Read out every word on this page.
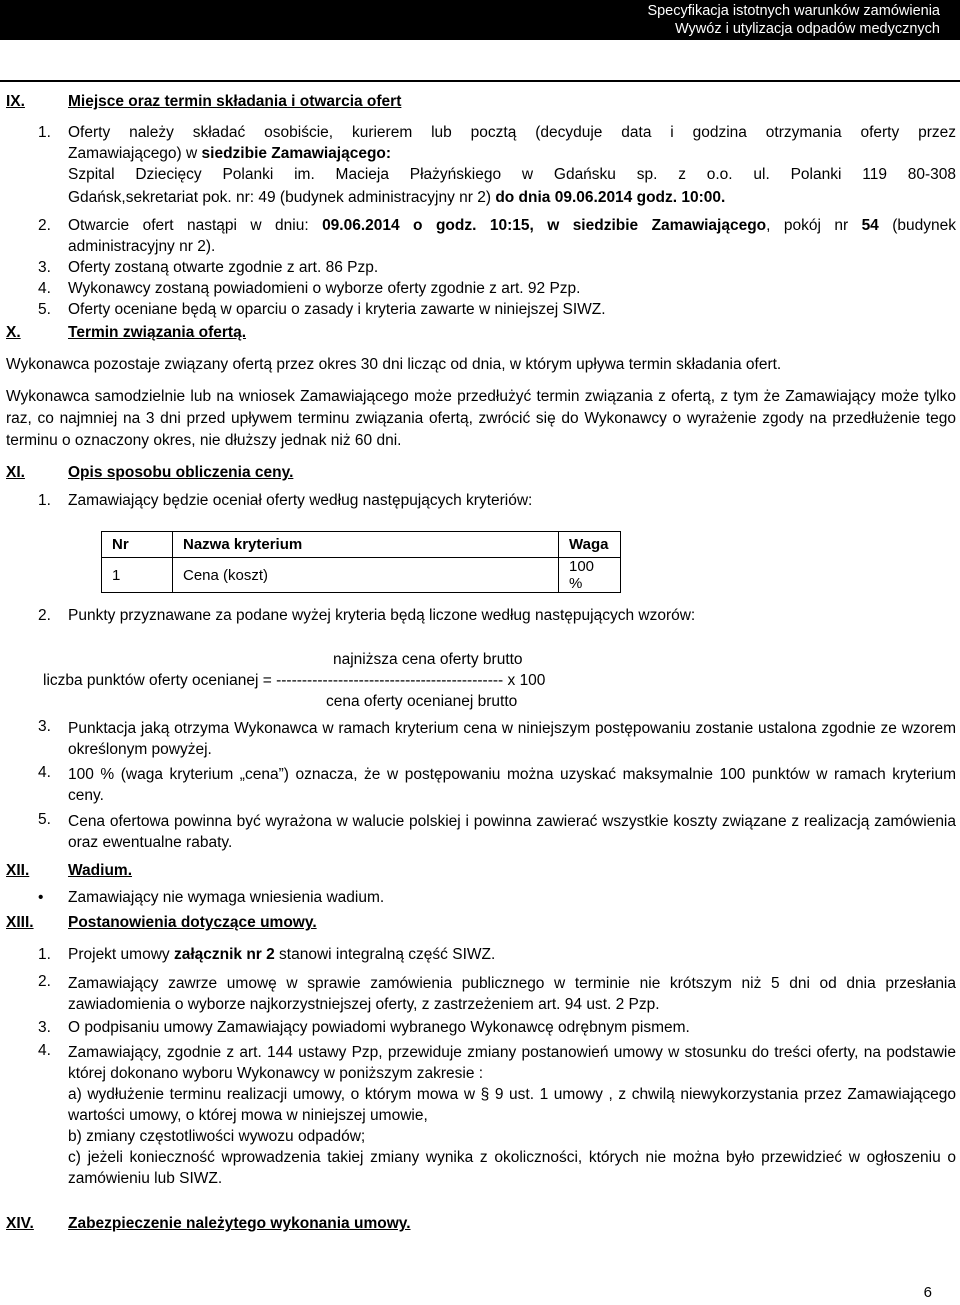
Specyfikacja istotnych warunków zamówienia
Wywóz i utylizacja odpadów medycznych
IX.	Miejsce oraz termin składania i otwarcia ofert
1. Oferty należy składać osobiście, kurierem lub pocztą (decyduje data i godzina otrzymania oferty przez
Zamawiającego) w siedzibie Zamawiającego:
Szpital Dziecięcy Polanki im. Macieja Płażyńskiego w Gdańsku sp. z o.o. ul. Polanki 119 80-308
Gdańsk,sekretariat pok. nr: 49 (budynek administracyjny nr 2) do dnia 09.06.2014 godz. 10:00.
2. Otwarcie ofert nastąpi w dniu: 09.06.2014 o godz. 10:15, w siedzibie Zamawiającego, pokój nr 54 (budynek
administracyjny nr 2).
3. Oferty zostaną otwarte zgodnie z art. 86 Pzp.
4. Wykonawcy zostaną powiadomieni o wyborze oferty zgodnie z art. 92 Pzp.
5. Oferty oceniane będą w oparciu o zasady i kryteria zawarte w niniejszej SIWZ.
X.	Termin związania ofertą.
Wykonawca pozostaje związany ofertą przez okres 30 dni licząc od dnia, w którym upływa termin składania ofert.
Wykonawca samodzielnie lub na wniosek Zamawiającego może przedłużyć termin związania z ofertą, z tym że Zamawiający może tylko raz, co najmniej na 3 dni przed upływem terminu związania ofertą, zwrócić się do Wykonawcy o wyrażenie zgody na przedłużenie tego terminu o oznaczony okres, nie dłuższy jednak niż 60 dni.
XI.	Opis sposobu obliczenia ceny.
1. Zamawiający będzie oceniał oferty według następujących kryteriów:
Nr	Nazwa kryterium	Waga
1	Cena (koszt)	100 %
2. Punkty przyznawane za podane wyżej kryteria będą liczone według następujących wzorów:
najniższa cena oferty brutto
liczba punktów oferty ocenianej = -------------------------------------------- x 100
cena oferty ocenianej brutto
3. Punktacja jaką otrzyma Wykonawca w ramach kryterium cena w niniejszym postępowaniu zostanie ustalona zgodnie ze wzorem określonym powyżej.
4. 100 % (waga kryterium „cena”) oznacza, że w postępowaniu można uzyskać maksymalnie 100 punktów w ramach kryterium ceny.
5. Cena ofertowa powinna być wyrażona w walucie polskiej i powinna zawierać wszystkie koszty związane z realizacją zamówienia oraz ewentualne rabaty.
XII. Wadium.
• Zamawiający nie wymaga wniesienia wadium.
XIII. Postanowienia dotyczące umowy.
1. Projekt umowy załącznik nr 2 stanowi integralną część SIWZ.
2. Zamawiający zawrze umowę w sprawie zamówienia publicznego w terminie nie krótszym niż 5 dni od dnia przesłania zawiadomienia o wyborze najkorzystniejszej oferty, z zastrzeżeniem art. 94 ust. 2 Pzp.
3. O podpisaniu umowy Zamawiający powiadomi wybranego Wykonawcę odrębnym pismem.
4. Zamawiający, zgodnie z art. 144 ustawy Pzp, przewiduje zmiany postanowień umowy w stosunku do treści oferty, na podstawie której dokonano wyboru Wykonawcy w poniższym zakresie :

a) wydłużenie terminu realizacji umowy, o którym mowa w § 9 ust. 1 umowy , z chwilą niewykorzystania przez Zamawiającego wartości umowy, o której mowa w niniejszej umowie,

b) zmiany częstotliwości wywozu odpadów;

c) jeżeli konieczność wprowadzenia takiej zmiany wynika z okoliczności, których nie można było przewidzieć w ogłoszeniu o zamówieniu lub SIWZ.

XIV. Zabezpieczenie należytego wykonania umowy.
6
